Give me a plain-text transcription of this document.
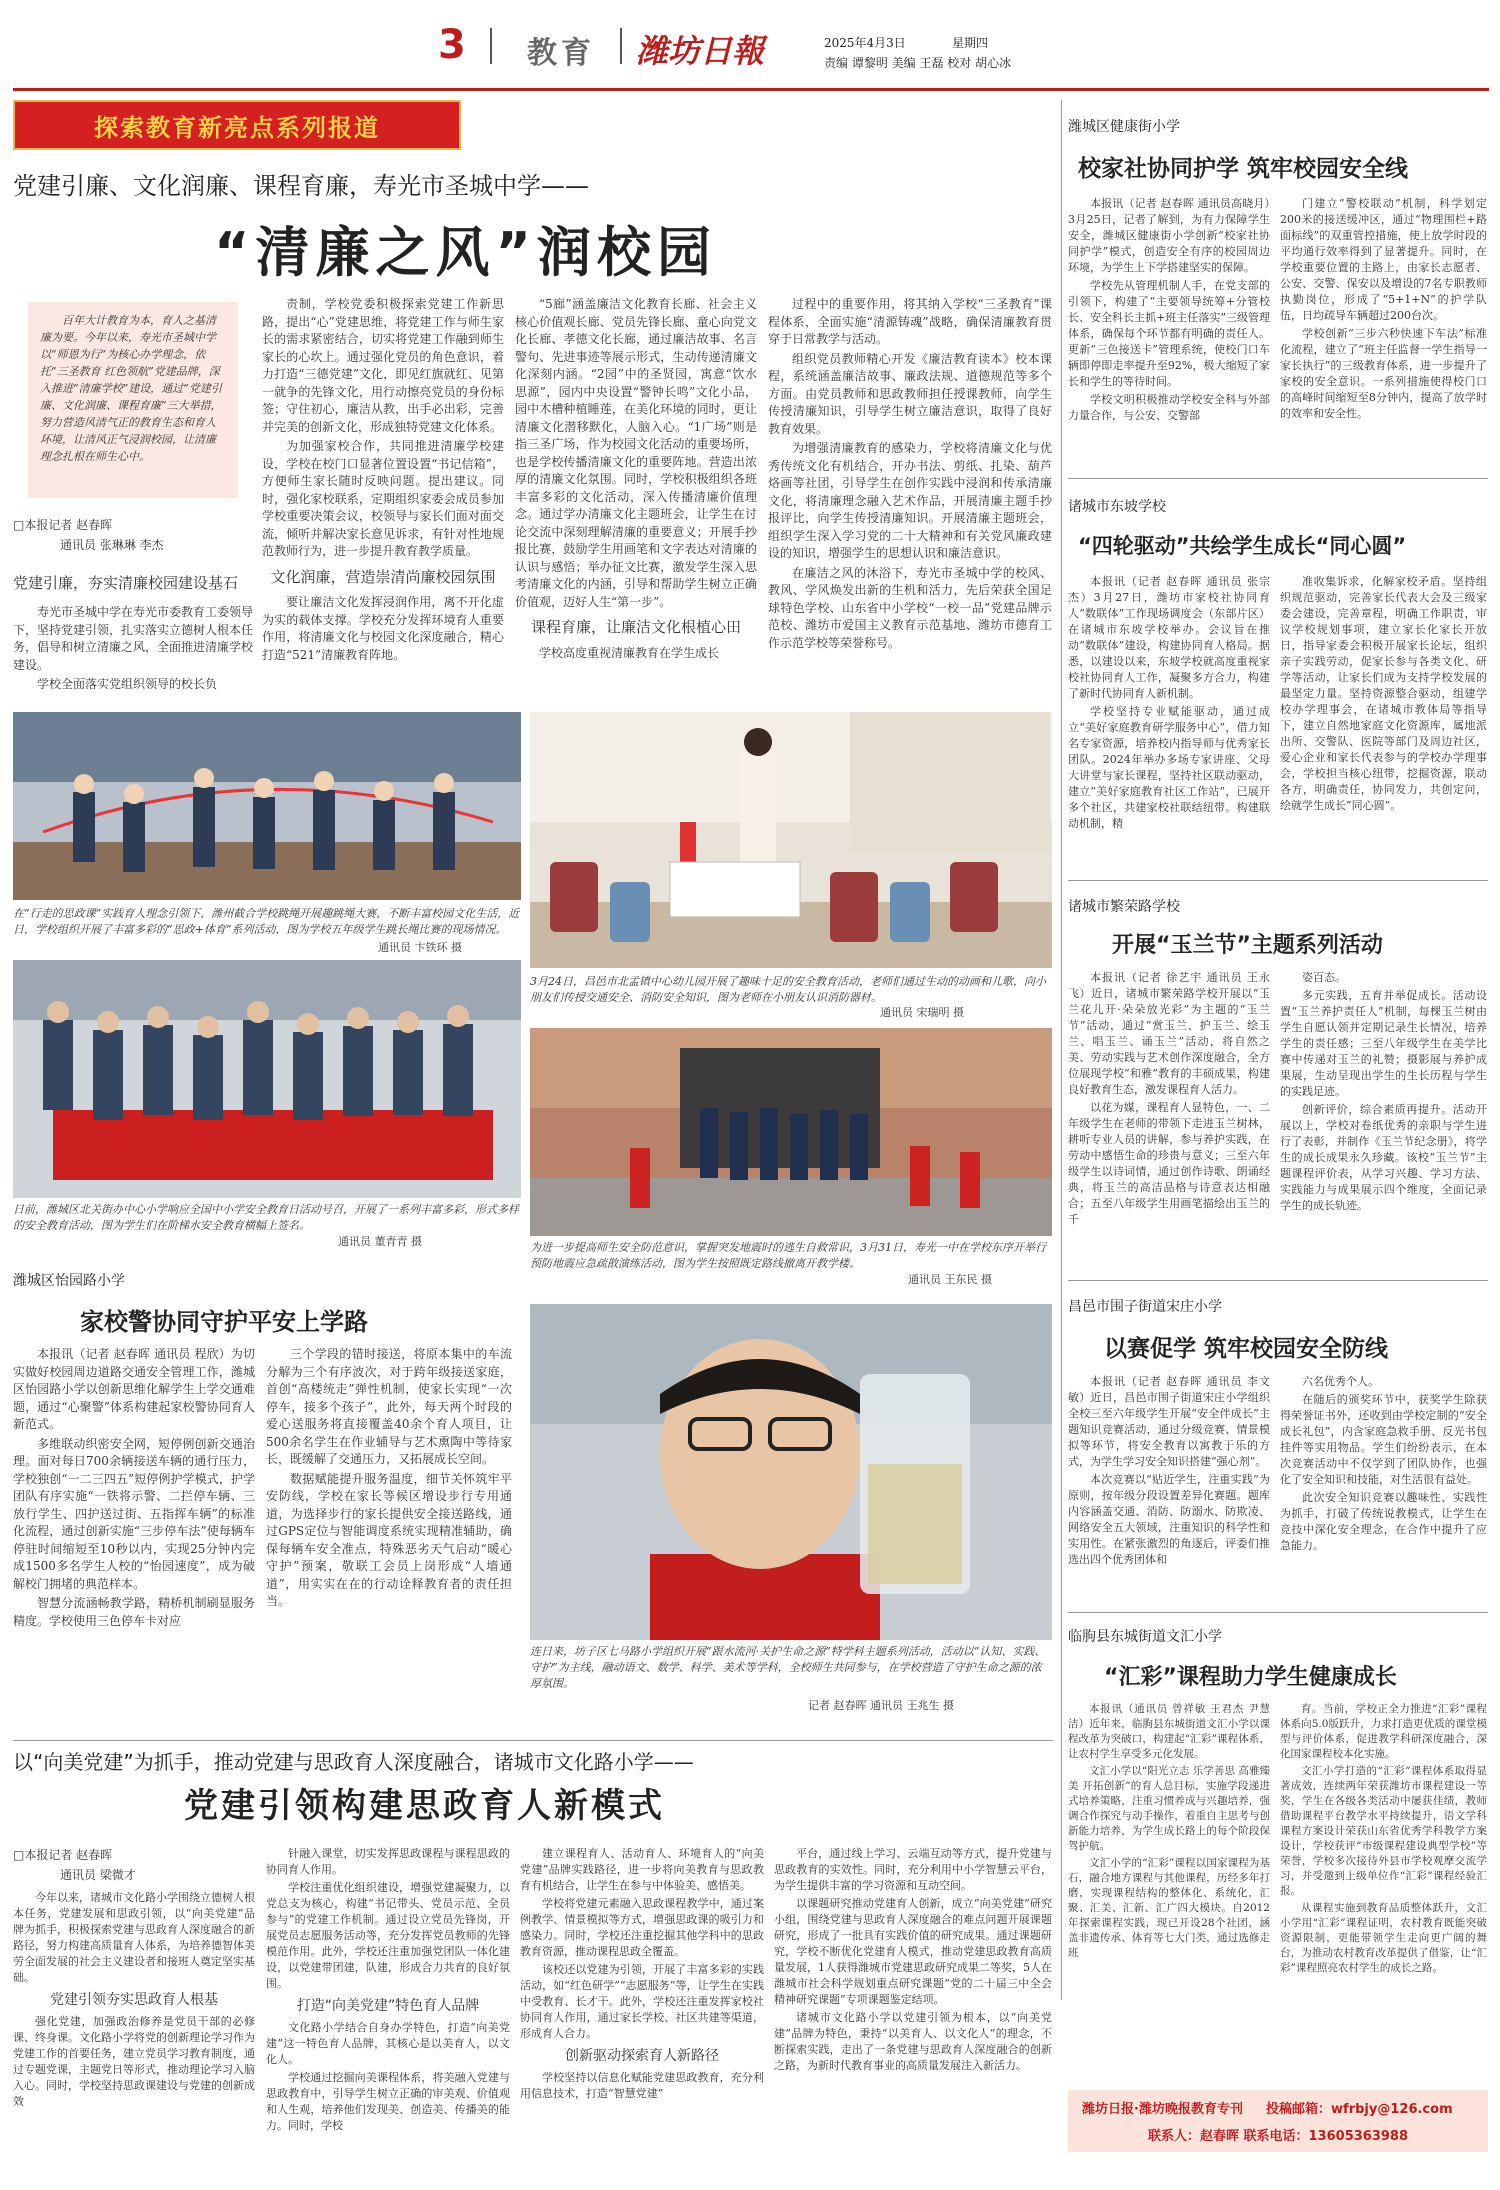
3 教育 潍坊日報	2025年4月3日	星期四
责编 谭黎明 美编 王磊 校对 胡心冰
探索教育新亮点系列报道
党建引廉、文化润廉、课程育廉，寿光市圣城中学——
“清廉之风”润校园
百年大计教育为本，育人之基清廉为要。今年以来，寿光市圣城中学以“师恩为行”为核心办学理念，依托“三圣教育 红色领航”党建品牌，深入推进“清廉学校”建设，通过“党建引廉、文化润廉、课程育廉”三大举措，努力营造风清气正的教育生态和育人环境，让清风正气浸润校园，让清廉理念扎根在师生心中。
□本报记者 赵春晖
通讯员 张琳琳 李杰
党建引廉，夯实清廉校园建设基石

寿光市圣城中学在寿光市委教育工委领导下，坚持党建引领，扎实落实立德树人根本任务，倡导和树立清廉之风，全面推进清廉学校建设。

学校全面落实党组织领导的校长负

责制，学校党委积极探索党建工作新思路，提出“心”党建思维，将党建工作与师生家长的需求紧密结合，切实将党建工作融到师生家长的心坎上。通过强化党员的角色意识，着力打造“三德党建”文化，即见红旗就红、见第一就争的先锋文化，用行动擦亮党员的身份标签；守住初心，廉洁从教，出手必出彩，完善并完美的创新文化，形成独特党建文化体系。

为加强家校合作，共同推进清廉学校建设，学校在校门口显著位置设置“书记信箱”，方便师生家长随时反映问题。提出建议。同时，强化家校联系，定期组织家委会成员参加学校重要决策会议，校领导与家长们面对面交流，倾听并解决家长意见诉求，有针对性地规范教师行为，进一步提升教育教学质量。

文化润廉，营造崇清尚廉校园氛围

要让廉洁文化发挥浸润作用，离不开化虚为实的载体支撑。学校充分发挥环境育人重要作用，将清廉文化与校园文化深度融合，精心打造“521”清廉教育阵地。

“5廊”涵盖廉洁文化教育长廊、社会主义核心价值观长廊、党员先锋长廊、童心向党文化长廊、孝德文化长廊，通过廉洁故事、名言警句、先进事迹等展示形式，生动传递清廉文化深刻内涵。“2园”中的圣贤园，寓意“饮水思源”，园内中央设置“警钟长鸣”文化小品，园中木槽种植睡莲，在美化环境的同时，更让清廉文化潜移默化，人脑入心。“1广场”则是指三圣广场，作为校园文化活动的重要场所，也是学校传播清廉文化的重要阵地。营造出浓厚的清廉文化氛围。同时，学校积极组织各班丰富多彩的文化活动，深入传播清廉价值理念。通过学办清廉文化主题班会，让学生在讨论交流中深刻理解清廉的重要意义；开展手抄报比赛，鼓励学生用画笔和文字表达对清廉的认识与感悟；举办征文比赛，激发学生深入思考清廉文化的内涵，引导和帮助学生树立正确价值观，迈好人生“第一步”。

课程育廉，让廉洁文化根植心田

学校高度重视清廉教育在学生成长

过程中的重要作用，将其纳入学校“三圣教育”课程体系，全面实施“清源铸魂”战略，确保清廉教育贯穿于日常教学与活动。

组织党员教师精心开发《廉洁教育读本》校本课程，系统涵盖廉洁故事、廉政法规、道德规范等多个方面。由党员教师和思政教师担任授课教师，向学生传授清廉知识，引导学生树立廉洁意识，取得了良好教育效果。

为增强清廉教育的感染力，学校将清廉文化与优秀传统文化有机结合，开办书法、剪纸、扎染、葫芦烙画等社团，引导学生在创作实践中浸润和传承清廉文化，将清廉理念融入艺术作品，开展清廉主题手抄报评比，向学生传授清廉知识。开展清廉主题班会，组织学生深入学习党的二十大精神和有关党风廉政建设的知识，增强学生的思想认识和廉洁意识。

在廉洁之风的沐浴下，寿光市圣城中学的校风、教风、学风焕发出新的生机和活力，先后荣获全国足球特色学校、山东省中小学校“一校一品”党建品牌示范校、潍坊市爱国主义教育示范基地、潍坊市德育工作示范学校等荣誉称号。

在“行走的思政课”实践育人理念引领下，潍州截合学校跳绳开展趣跳绳大赛，不断丰富校园文化生活，近日，学校组织开展了丰富多彩的“思政+体育”系列活动，图为学校五年级学生跳长绳比赛的现场情况。
通讯员 卞铁环 摄
3月24日，昌邑市北孟镇中心幼儿园开展了趣味十足的安全教育活动，老师们通过生动的动画和儿歌，向小朋友们传授交通安全、消防安全知识，图为老师在小朋友认识消防器材。
通讯员 宋瑞明 摄
日前，潍城区北关街办中心小学响应全国中小学安全教育日活动号召，开展了一系列丰富多彩，形式多样的安全教育活动，图为学生们在阶梯水安全教育横幅上签名。
通讯员 董青青 摄	为进一步提高师生安全防范意识，掌握突发地震时的逃生自救常识，3月31日，寿光一中在学校东序开举行预防地震应急疏散演练活动，图为学生按照既定路线撤离开教学楼。
通讯员 王东民 摄
潍城区怡园路小学
家校警协同守护平安上学路

本报讯（记者 赵春晖 通讯员 程欣）为切实做好校园周边道路交通安全管理工作，潍城区怡园路小学以创新思维化解学生上学交通难题，通过“心聚警”体系构建起家校警协同育人新范式。

多维联动织密安全网，短停例创新交通治理。面对每日700余辆接送车辆的通行压力，学校独创“一二三四五”短停例护学模式，护学团队有序实施“一铁将示警、二拦停车辆、三放行学生、四护送过街、五指挥车辆”的标准化流程，通过创新实施“三步停车法”使每辆车停驻时间缩短至10秒以内，实现25分钟内完成1500多名学生人校的“怡园速度”，成为破解校门拥堵的典范样本。

智慧分流涵畅教学路，精桥机制刷显服务精度。学校使用三色停车卡对应

三个学段的错时接送，将原本集中的车流分解为三个有序波次，对于跨年级接送家庭，首创“高楼统走”弹性机制，使家长实现“一次停车，接多个孩子”，此外，每天两个时段的爱心送服务将直接覆盖40余个育人项目，让500余名学生在作业辅导与艺术熏陶中等待家长，既缓解了交通压力，又拓展成长空间。

数据赋能提升服务温度，细节关怀筑牢平安防线，学校在家长等候区增设步行专用通道，为选择步行的家长提供安全接送路线，通过GPS定位与智能调度系统实现精准辅助，确保每辆车安全准点，特殊恶劣天气启动“暖心守护”预案，敬联工会员上岗形成“人墙通道”，用实实在在的行动诠释教育者的责任担当。

连日来，坊子区七马路小学组织开展“跟水流河·关护生命之源”特学科主题系列活动，活动以“认知、实践、守护”为主线，融动语文、数学、科学、美术等学科，全校师生共同参与，在学校营造了守护生命之源的浓厚氛围。
记者 赵春晖 通讯员 王兆生 摄
以“向美党建”为抓手，推动党建与思政育人深度融合，诸城市文化路小学——
党建引领构建思政育人新模式
□本报记者 赵春晖
通讯员 梁微才

今年以来，诸城市文化路小学围绕立德树人根本任务，党建发展和思政引领，以“向美党建”品牌为抓手，积极探索党建与思政育人深度融合的新路径，努力构建高质量育人体系，为培养德智体美劳全面发展的社会主义建设者和接班人奠定坚实基础。

党建引领夯实思政育人根基

强化党建，加强政治修养是党员干部的必修课、终身课。文化路小学将党的创新理论学习作为党建工作的首要任务，建立党员学习教育制度，通过专题党课，主题党日等形式，推动理论学习入脑入心。同时，学校坚持思政课建设与党建的创新成效

针融入课堂，切实发挥思政课程与课程思政的协同育人作用。

学校注重优化组织建设，增强党建凝聚力，以党总支为核心，构建“书记带头、党员示范、全员参与”的党建工作机制。通过设立党员先锋岗，开展党员志愿服务活动等，充分发挥党员教师的先锋模范作用。此外，学校还注重加强党团队一体化建设，以党建带团建，队建，形成合力共育的良好氛围。

打造“向美党建”特色育人品牌

文化路小学结合自身办学特色，打造“向美党建”这一特色育人品牌，其核心是以美育人，以文化人。

学校通过挖掘向美课程体系，将美融入党建与思政教育中，引导学生树立正确的审美观、价值观和人生观，培养他们发现美、创造美、传播美的能力。同时，学校

建立课程育人、活动育人、环境育人的“向美党建”品牌实践路径，进一步将向美教育与思政教育有机结合，让学生在参与中体验美、感悟美。

学校将党建元素融入思政课程教学中，通过案例教学、情景模拟等方式，增强思政课的吸引力和感染力。同时，学校还注重挖掘其他学科中的思政教育资源，推动课程思政全覆盖。

该校还以党建为引领，开展了丰富多彩的实践活动，如“红色研学”“志愿服务”等，让学生在实践中受教育、长才干。此外，学校还注重发挥家校社协同育人作用，通过家长学校、社区共建等渠道，形成育人合力。

创新驱动探索育人新路径

学校坚持以信息化赋能党建思政教育，充分利用信息技术，打造“智慧党建”

平台，通过线上学习、云端互动等方式，提升党建与思政教育的实效性。同时，充分利用中小学智慧云平台，为学生提供丰富的学习资源和互动空间。

以课题研究推动党建育人创新，成立“向美党建”研究小组，围绕党建与思政育人深度融合的难点问题开展课题研究，形成了一批具有实践价值的研究成果。通过课题研究，学校不断优化党建育人模式，推动党建思政教育高质量发展，1人获得潍城市党建思政研究成果二等奖，5人在潍城市社会科学规划重点研究课题“党的二十届三中全会精神研究课题”专项课题鉴定结项。

诸城市文化路小学以党建引领为根本，以“向美党建”品牌为特色，秉持“以美育人、以文化人”的理念，不断探索实践，走出了一条党建与思政育人深度融合的创新之路，为新时代教育事业的高质量发展注入新活力。

潍城区健康街小学
校家社协同护学 筑牢校园安全线

本报讯（记者 赵春晖 通讯员高晓月）3月25日，记者了解到，为有力保障学生安全，潍城区健康街小学创新“校家社协同护学”模式，创造安全有序的校园周边环境，为学生上下学搭建坚实的保障。

学校先从管理机制人手，在党支部的引领下，构建了“主要领导统筹+分管校长、安全科长主抓+班主任落实”三级管理体系，确保每个环节都有明确的责任人。更新“三色接送卡”管理系统，使校门口车辆即停即走率提升至92%，极大缩短了家长和学生的等待时间。

学校文明积极推动学校安全科与外部力量合作，与公安、交警部

门建立“警校联动”机制，科学划定200米的接送缓冲区，通过“物理围栏+路面标线”的双重管控措施，使上放学时段的平均通行效率得到了显著提升。同时，在学校重要位置的主路上，由家长志愿者、公安、交警、保安以及增设的7名专职教师执勤岗位，形成了“5+1+N”的护学队伍，日均疏导车辆超过200台次。

学校创新“三步六秒快速下车法”标准化流程，建立了“班主任监督一学生指导一家长执行”的三级教育体系，进一步提升了家校的安全意识。一系列措施使得校门口的高峰时间缩短至8分钟内，提高了放学时的效率和安全性。

诸城市东坡学校
“四轮驱动”共绘学生成长“同心圆”

本报讯（记者 赵春晖 通讯员 张宗杰）3月27日，潍坊市家校社协同育人“数联体”工作现场调度会（东部片区）在诸城市东坡学校举办。会议旨在推动“数联体”建设，构建协同育人格局。据悉，以建设以来，东坡学校就高度重视家校社协同育人工作，凝聚多方合力，构建了新时代协同育人新机制。

学校坚持专业赋能驱动，通过成立“美好家庭教育研学服务中心”，借力知名专家资源，培养校内指导师与优秀家长团队。2024年举办多场专家讲座、父母大讲堂与家长课程，坚持社区联动驱动，建立“美好家庭教育社区工作站”，已展开多个社区，共建家校社联结纽带。构建联动机制，精

准收集诉求，化解家校矛盾。坚持组织规范驱动，完善家长代表大会及三级家委会建设，完善章程，明确工作职责，审议学校规划事项，建立家长化家长开放日，指导家委会积极开展家长论坛，组织亲子实践劳动，促家长参与各类文化、研学等活动，让家长们成为支持学校发展的最坚定力量。坚持资源整合驱动，组建学校办学理事会，在诸城市教体局等指导下，建立自然地家庭文化资源库，属地派出所、交警队、医院等部门及周边社区，爱心企业和家长代表参与的学校办学理事会，学校担当核心纽带，挖掘资源，联动各方，明确责任，协同发力，共创定问，绘就学生成长“同心圆”。

诸城市繁荣路学校
开展“玉兰节”主题系列活动

本报讯（记者 徐艺宇 通讯员 王永飞）近日，诸城市繁荣路学校开展以“玉兰花儿开·朵朵放光彩”为主题的“玉兰节”活动，通过“赏玉兰、护玉兰、绘玉兰、唱玉兰、诵玉兰”活动，将自然之美、劳动实践与艺术创作深度融合，全方位展现学校“和雅”教育的丰硕成果，构建良好教育生态，激发课程育人活力。

以花为媒，课程育人显特色，一、二年级学生在老师的带领下走进玉兰树林，耕听专业人员的讲解，参与养护实践，在劳动中感悟生命的珍贵与意义；三至六年级学生以诗词情，通过创作诗歌、朗诵经典，将玉兰的高洁品格与诗意表达相融合；五至八年级学生用画笔描绘出玉兰的千

姿百态。

多元实践，五育并举促成长。活动设置“玉兰养护责任人”机制，每棵玉兰树由学生自愿认领并定期记录生长情况，培养学生的责任感；三至八年级学生在美学比赛中传递对玉兰的礼赞；摄影展与养护成果展，生动呈现出学生的生长历程与学生的实践足迹。

创新评价，综合素质再提升。活动开展以上，学校对卷纸优秀的亲职与学生进行了表彰，并制作《玉兰节纪念册》，将学生的成长成果永久珍藏。该校“玉兰节”主题课程评价表，从学习兴趣、学习方法、实践能力与成果展示四个维度，全面记录学生的成长轨迹。

昌邑市围子街道宋庄小学
以赛促学 筑牢校园安全防线

本报讯（记者 赵春晖 通讯员 李文敏）近日，昌邑市围子街道宋庄小学组织全校三至六年级学生开展“安全伴成长”主题知识竞赛活动，通过分级竞赛、情景模拟等环节，将安全教育以寓教于乐的方式，为学生学习安全知识搭建“强心剂”。

本次竞赛以“贴近学生，注重实践”为原则，按年级分段设置差异化赛题。题库内容涵盖交通、消防、防溺水、防欺凌、网络安全五大领域，注重知识的科学性和实用性。在紧张激烈的角逐后，评委们推选出四个优秀团体和

六名优秀个人。

在随后的颁奖环节中，获奖学生除获得荣誉证书外，还收到由学校定制的“安全成长礼包”，内含家庭急救手册、反光书包挂件等实用物品。学生们纷纷表示，在本次竞赛活动中不仅学到了团队协作，也强化了安全知识和技能，对生活很有益处。

此次安全知识竞赛以趣味性、实践性为抓手，打破了传统说教模式，让学生在竞技中深化安全理念，在合作中提升了应急能力。

临朐县东城街道文汇小学
“汇彩”课程助力学生健康成长

本报讯（通讯员 曾祥敏 王君杰 尹慧洁）近年来，临朐县东城街道文汇小学以课程改革为突破口，构建起“汇彩”课程体系，让农村学生享受多元化发展。

文汇小学以“阳光立志 乐学善思 高雅臻美 开拓创新”的育人总目标，实施学段递进式培养策略，注重习惯养成与兴趣培养，强调合作探究与动手操作，着重自主思考与创新能力培养，为学生成长路上的每个阶段保驾护航。

文汇小学的“汇彩”课程以国家课程为基石，融合地方课程与其他课程，历经多年打磨，实现课程结构的整体化、系统化，汇聚、汇美、汇新、汇广四大模块。自2012年探索课程实践，现已开设28个社团，涵盖非遗传承、体育等七大门类，通过选修走班

育。当前，学校正全力推进“汇彩”课程体系向5.0版跃升，力求打造更优质的课堂模型与评价体系，促进教学科研深度融合，深化国家课程校本化实施。

文汇小学打造的“汇彩”课程体系取得显著成效，连续两年荣获潍坊市课程建设一等奖，学生在各级各类活动中屡获佳绩，教师借助课程平台教学水平持续提升，语文学科课程方案设计荣获山东省优秀学科教学方案设计，学校获评“市级课程建设典型学校”等荣誉，学校多次接待外县市学校观摩交流学习，并受邀到上级单位作“汇彩”课程经验汇报。

从课程实施到教育品质整体跃升，文汇小学用“汇彩”课程证明，农村教育既能突破资源限制，更能带领学生走向更广阔的舞台，为推动农村教育改革提供了借鉴，让“汇彩”课程照亮农村学生的成长之路。

潍坊日报·潍坊晚报教育专刊 投稿邮箱：wfrbjy@126.com
联系人：赵春晖 联系电话：13605363988
